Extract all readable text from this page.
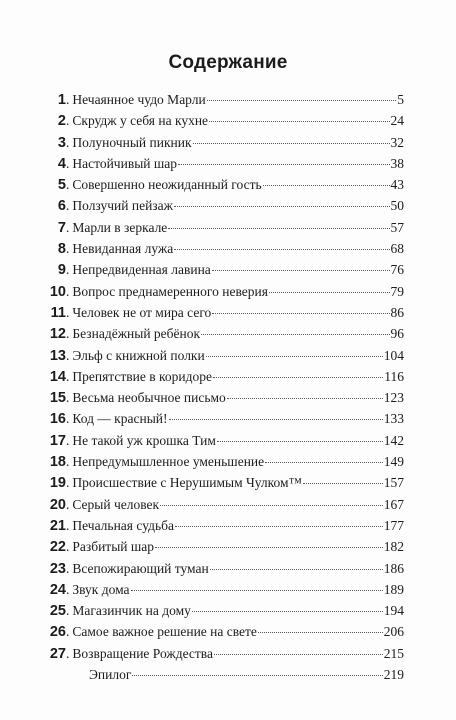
Содержание
1 . Нечаянное чудо Марли	5
2 . Скрудж у себя на кухне	24
3 . Полуночный пикник	32
4 . Настойчивый шар	38
5 . Совершенно неожиданный гость	43
6 . Ползучий пейзаж	50
7 . Марли в зеркале	57
8 . Невиданная лужа	68
9 . Непредвиденная лавина	76
10 . Вопрос преднамеренного неверия	79
11 . Человек не от мира сего	86
12 . Безнадёжный ребёнок	96
13 . Эльф с книжной полки	104
14 . Препятствие в коридоре	116
15 . Весьма необычное письмо	123
16 . Код — красный!	133
17 . Не такой уж крошка Тим	142
18 . Непредумышленное уменьшение	149
19 . Происшествие с Нерушимым Чулком™	157
20 . Серый человек	167
21 . Печальная судьба	177
22 . Разбитый шар	182
23 . Всепожирающий туман	186
24 . Звук дома	189
25 . Магазинчик на дому	194
26 . Самое важное решение на свете	206
27 . Возвращение Рождества	215
Эпилог	219
